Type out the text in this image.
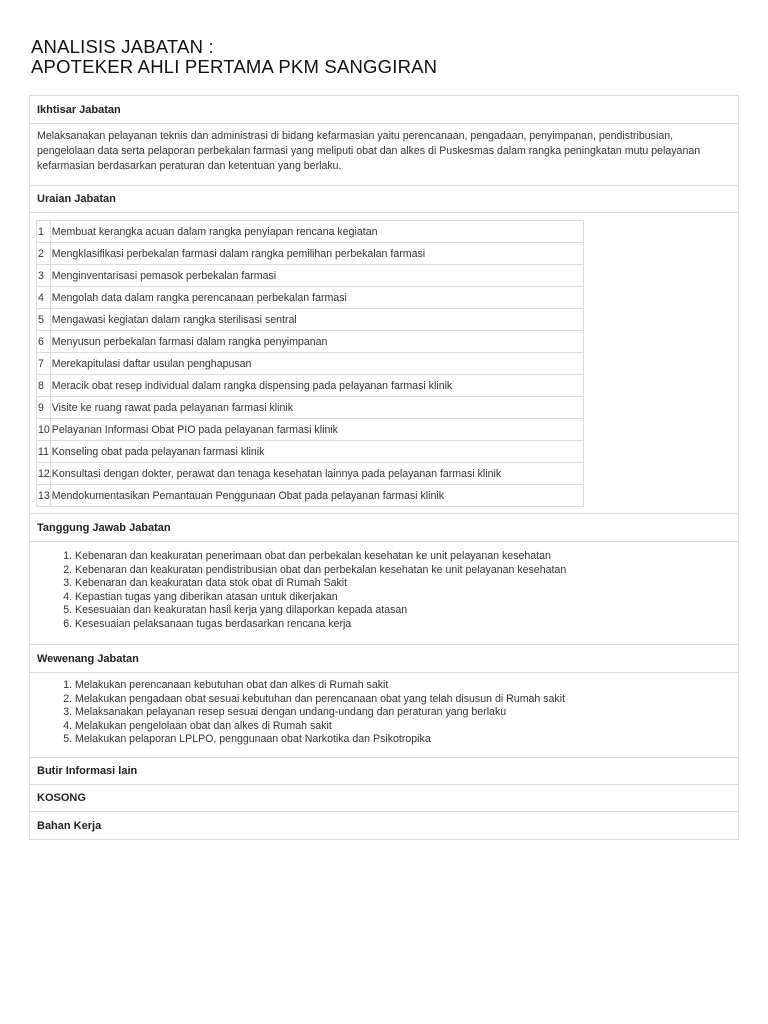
ANALISIS JABATAN :
APOTEKER AHLI PERTAMA PKM SANGGIRAN
Ikhtisar Jabatan
Melaksanakan pelayanan teknis dan administrasi di bidang kefarmasian yaitu perencanaan, pengadaan, penyimpanan, pendistribusian, pengelolaan data serta pelaporan perbekalan farmasi yang meliputi obat dan alkes di Puskesmas dalam rangka peningkatan mutu pelayanan kefarmasian berdasarkan peraturan dan ketentuan yang berlaku.
Uraian Jabatan
1	Membuat kerangka acuan dalam rangka penyiapan rencana kegiatan
2	Mengklasifikasi perbekalan farmasi dalam rangka pemilihan perbekalan farmasi
3	Menginventarisasi pemasok perbekalan farmasi
4	Mengolah data dalam rangka perencanaan perbekalan farmasi
5	Mengawasi kegiatan dalam rangka sterilisasi sentral
6	Menyusun perbekalan farmasi dalam rangka penyimpanan
7	Merekapitulasi daftar usulan penghapusan
8	Meracik obat resep individual dalam rangka dispensing pada pelayanan farmasi klinik
9	Visite ke ruang rawat pada pelayanan farmasi klinik
10	Pelayanan Informasi Obat PIO pada pelayanan farmasi klinik
11	Konseling obat pada pelayanan farmasi klinik
12	Konsultasi dengan dokter, perawat dan tenaga kesehatan lainnya pada pelayanan farmasi klinik
13	Mendokumentasikan Pemantauan Penggunaan Obat pada pelayanan farmasi klinik
Tanggung Jawab Jabatan
1. Kebenaran dan keakuratan penerimaan obat dan perbekalan kesehatan ke unit pelayanan kesehatan
2. Kebenaran dan keakuratan pendistribusian obat dan perbekalan kesehatan ke unit pelayanan kesehatan
3. Kebenaran dan keakuratan data stok obat di Rumah Sakit
4. Kepastian tugas yang diberikan atasan untuk dikerjakan
5. Kesesuaian dan keakuratan hasil kerja yang dilaporkan kepada atasan
6. Kesesuaian pelaksanaan tugas berdasarkan rencana kerja
Wewenang Jabatan
1. Melakukan perencanaan kebutuhan obat dan alkes di Rumah sakit
2. Melakukan pengadaan obat sesuai kebutuhan dan perencanaan obat yang telah disusun di Rumah sakit
3. Melaksanakan pelayanan resep sesuai dengan undang-undang dan peraturan yang berlaku
4. Melakukan pengelolaan obat dan alkes di Rumah sakit
5. Melakukan pelaporan LPLPO, penggunaan obat Narkotika dan Psikotropika
Butir Informasi lain
KOSONG
Bahan Kerja
